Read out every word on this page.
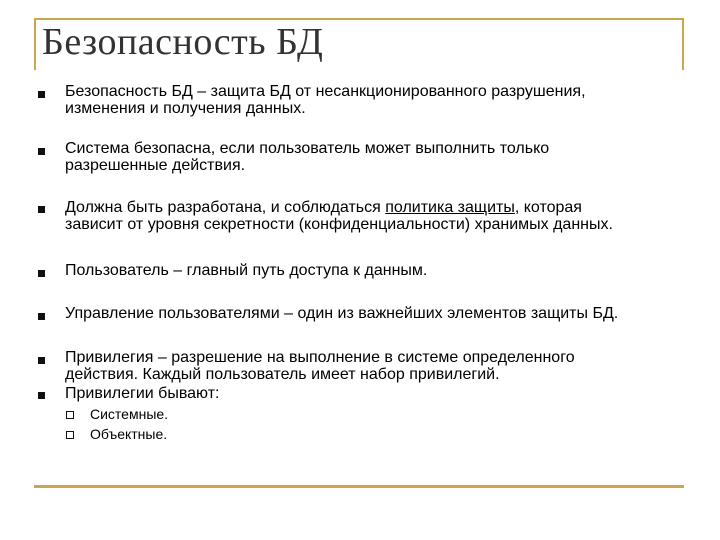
Безопасность БД
Безопасность БД – защита БД от несанкционированного разрушения,
изменения и получения данных.
Система безопасна, если пользователь может выполнить только
разрешенные действия.
Должна быть разработана, и соблюдаться политика защиты, которая
зависит от уровня секретности (конфиденциальности) хранимых данных.
Пользователь – главный путь доступа к данным.
Управление пользователями – один из важнейших элементов защиты БД.
Привилегия – разрешение на выполнение в системе определенного
действия. Каждый пользователь имеет набор привилегий.
Привилегии бывают:
Системные.
Объектные.
